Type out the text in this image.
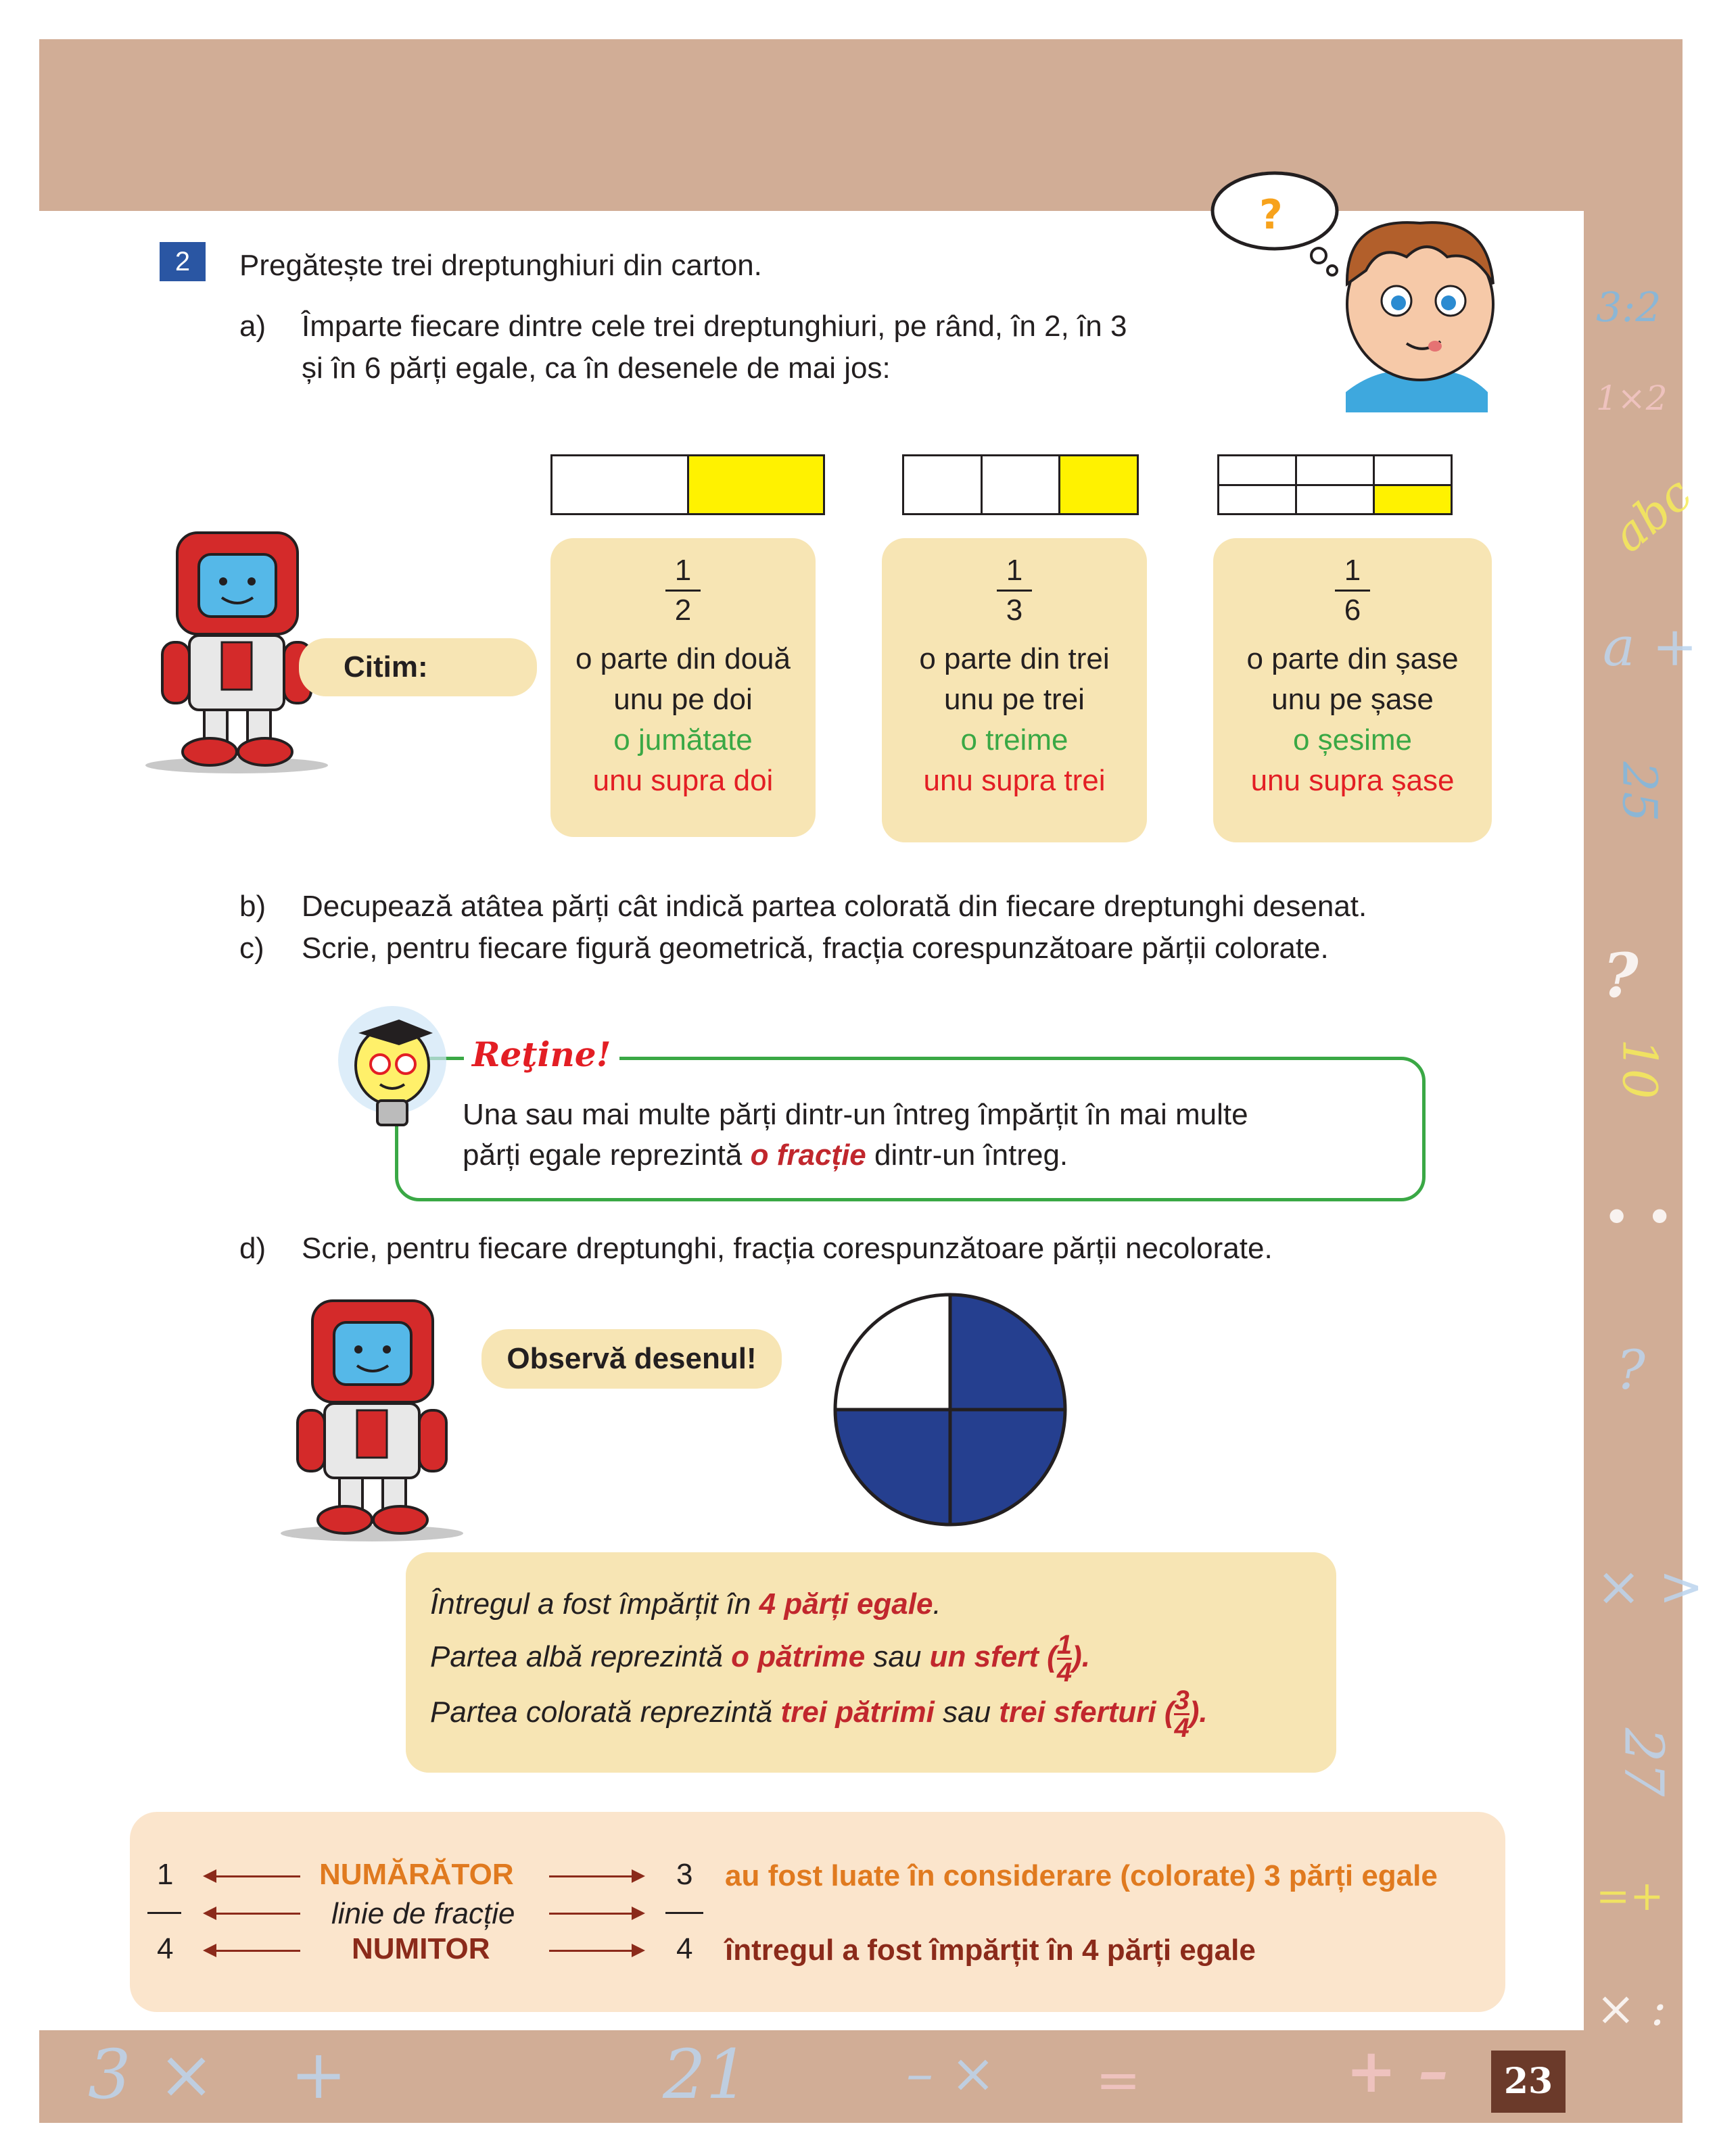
3:2
1×2
abc
a +
25
?
10
• • •
?
× >
27
=+
× :
3× +	21	– × =	+ –	23
2	Pregătește trei dreptunghiuri din carton.
a) Împarte fiecare dintre cele trei dreptunghiuri, pe rând, în 2, în 3
și în 6 părți egale, ca în desenele de mai jos:
?
Citim:
$\frac{1}{2}$
o parte din două
unu pe doi
o jumătate
unu supra doi
$\frac{1}{3}$
o parte din trei
unu pe trei
o treime
unu supra trei
$\frac{1}{6}$
o parte din șase
unu pe șase
o șesime
unu supra șase
b) Decupează atâtea părți cât indică partea colorată din fiecare dreptunghi desenat.
c) Scrie, pentru fiecare figură geometrică, fracția corespunzătoare părții colorate.
Reţine!
Una sau mai multe părți dintr-un întreg împărțit în mai multe
părți egale reprezintă o fracție dintr-un întreg.
d) Scrie, pentru fiecare dreptunghi, fracția corespunzătoare părții necolorate.
Observă desenul!
Întregul a fost împărțit în 4 părți egale.
Partea albă reprezintă o pătrime sau un sfert ( $\frac{1}{4}$ ).
Partea colorată reprezintă trei pătrimi sau trei sferturi ( $\frac{3}{4}$ ).
1
4
NUMĂRĂTOR
linie de fracție
NUMITOR
3
4
au fost luate în considerare (colorate) 3 părți egale
întregul a fost împărțit în 4 părți egale
